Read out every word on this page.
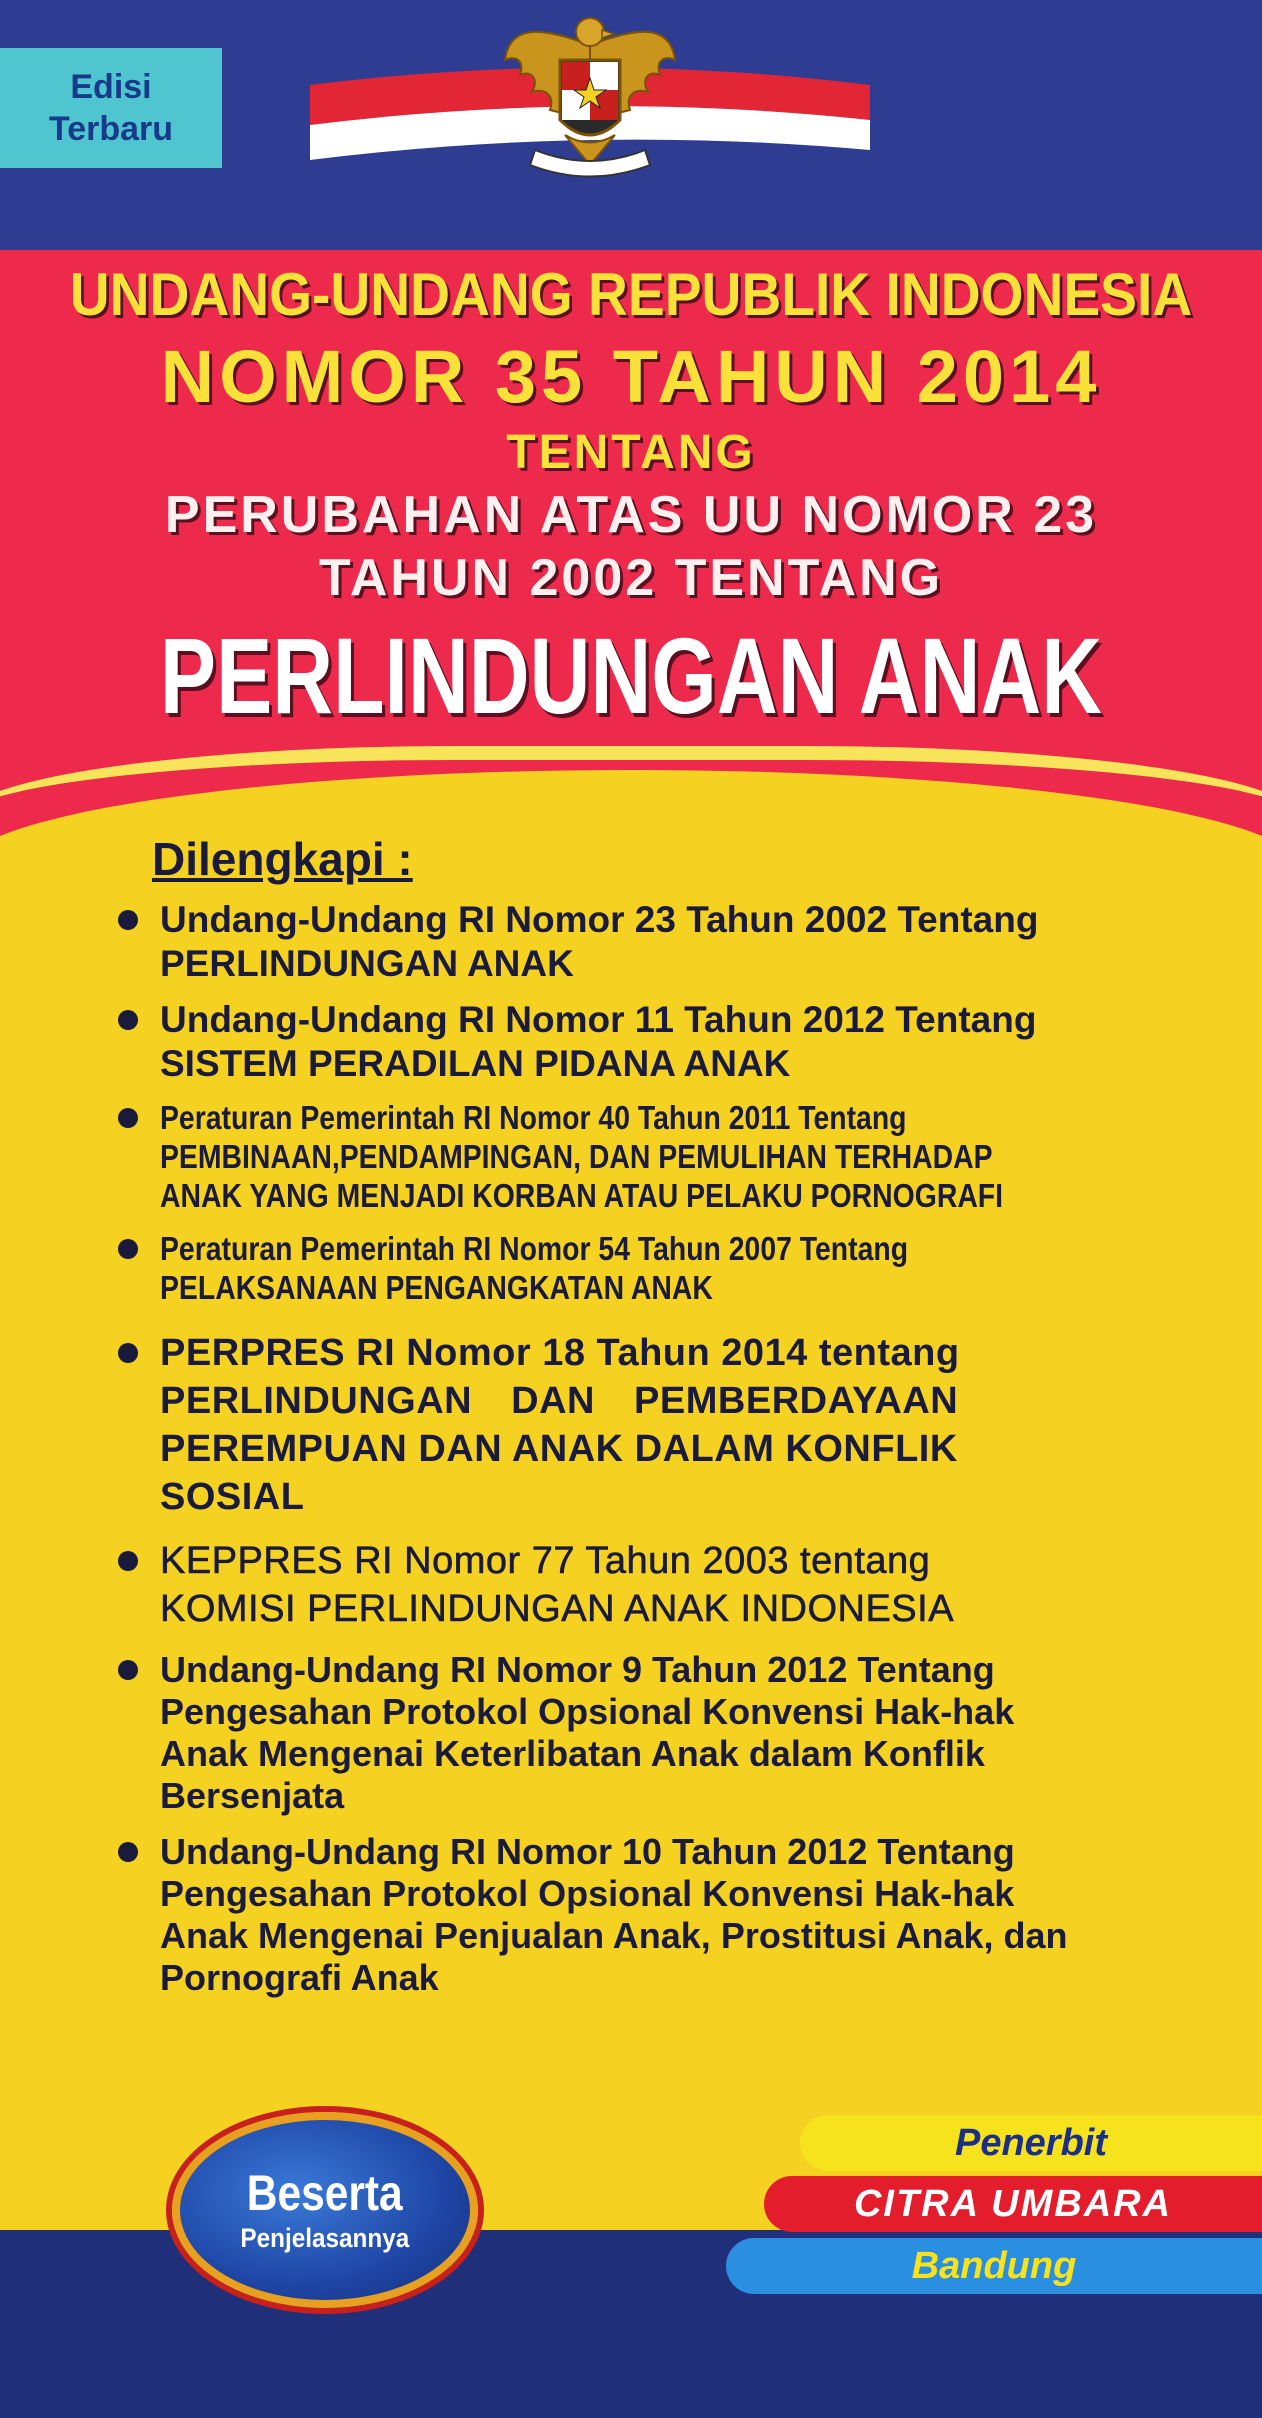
Edisi
Terbaru
UNDANG-UNDANG REPUBLIK INDONESIA
NOMOR 35 TAHUN 2014
TENTANG
PERUBAHAN ATAS UU NOMOR 23
TAHUN 2002 TENTANG
PERLINDUNGAN ANAK
Dilengkapi :
Undang-Undang RI Nomor 23 Tahun 2002 Tentang
PERLINDUNGAN ANAK
Undang-Undang RI Nomor 11 Tahun 2012 Tentang
SISTEM PERADILAN PIDANA ANAK
Peraturan Pemerintah RI Nomor 40 Tahun 2011 Tentang
PEMBINAAN,PENDAMPINGAN, DAN PEMULIHAN TERHADAP
ANAK YANG MENJADI KORBAN ATAU PELAKU PORNOGRAFI
Peraturan Pemerintah RI Nomor 54 Tahun 2007 Tentang
PELAKSANAAN PENGANGKATAN ANAK
PERPRES RI Nomor 18 Tahun 2014 tentang
PERLINDUNGAN DAN PEMBERDAYAAN
PEREMPUAN DAN ANAK DALAM KONFLIK
SOSIAL
KEPPRES RI Nomor 77 Tahun 2003 tentang
KOMISI PERLINDUNGAN ANAK INDONESIA
Undang-Undang RI Nomor 9 Tahun 2012 Tentang
Pengesahan Protokol Opsional Konvensi Hak-hak
Anak Mengenai Keterlibatan Anak dalam Konflik
Bersenjata
Undang-Undang RI Nomor 10 Tahun 2012 Tentang
Pengesahan Protokol Opsional Konvensi Hak-hak
Anak Mengenai Penjualan Anak, Prostitusi Anak, dan
Pornografi Anak
Beserta
Penjelasannya
Penerbit
CITRA UMBARA
Bandung
